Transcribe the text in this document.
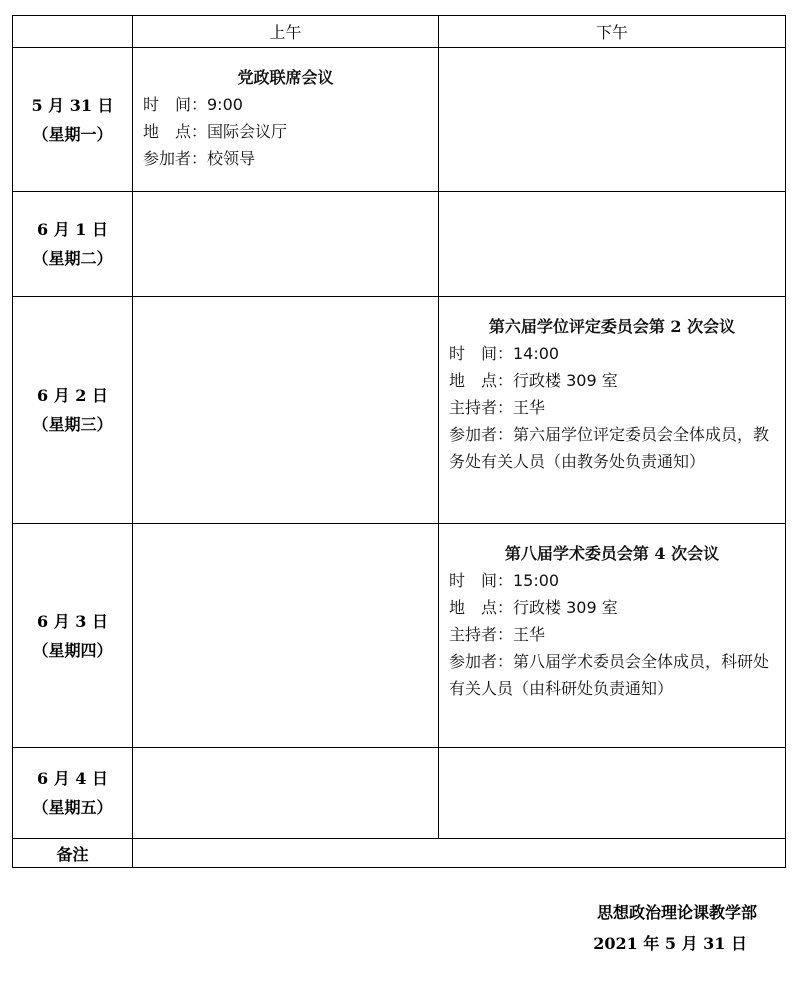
上午	下午
5 月 31 日
（星期一）
党政联席会议
时　间：9:00
地　点：国际会议厅
参加者：校领导
6 月 1 日
（星期二）
6 月 2 日
（星期三）
第六届学位评定委员会第 2 次会议
时　间：14:00
地　点：行政楼 309 室
主持者：王华
参加者：第六届学位评定委员会全体成员，教务处有关人员（由教务处负责通知）
6 月 3 日
（星期四）
第八届学术委员会第 4 次会议
时　间：15:00
地　点：行政楼 309 室
主持者：王华
参加者：第八届学术委员会全体成员，科研处有关人员（由科研处负责通知）
6 月 4 日
（星期五）
备注
思想政治理论课教学部
2021 年 5 月 31 日
